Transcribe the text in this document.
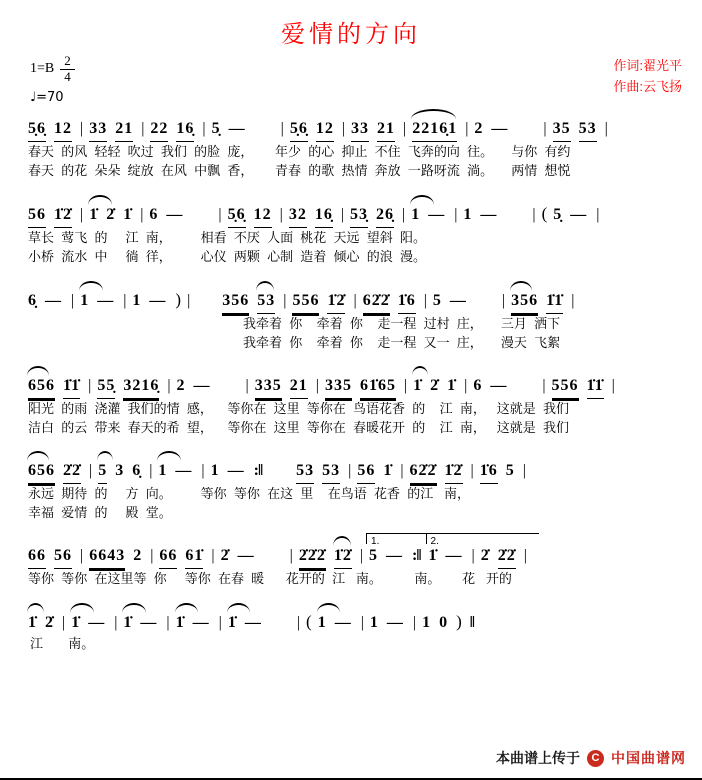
爱情的方向
$1=B \frac{2}{4}$
♩=70
作词:翟光平
作曲:云飞扬
5̣6̣ 12 | 33 21 | 22 16̣ | 5̣ — | 5̣6̣ 12 | 33 21 | 2216̣1 | 2 — | 35 53 |
春天  的风  轻轻  吹过  我们  的脸  庞，      年少  的心  抑止  不住  飞奔的向  往。     与你  有约
春天  的花  朵朵  绽放  在风  中飘  香，      青春  的歌  热情  奔放  一路呀流  淌。     两情  想悦
56 1̇2̇ | 1̇ 2̇ 1̇ | 6 — | 5̣6̣ 12 | 32 16̣ | 53̣ 26̣ | 1 — | 1 — | ( 5̣ — |
草长  莺飞  的     江  南，        相看  不厌  人面  桃花  天远  望斜  阳。
小桥  流水  中     徜  徉，        心仪  两颗  心制  造着  倾心  的浪  漫。
6̣ — | 1 — | 1 — ) | 356 53 | 556 1̇2̇ | 62̇2̇ 1̇6 | 5 — | 356 1̇1̇ |
我牵着  你    牵着  你    走一程  过村  庄，     三月  洒下
我牵着  你    牵着  你    走一程  又一  庄，     漫天  飞絮
656 1̇1̇ | 55̣ 3216̣ | 2 — | 335 21 | 335 61̇65 | 1̇ 2̇ 1̇ | 6 — | 556 1̇1̇ |
阳光  的雨  浇灌  我们的情  感，    等你在  这里  等你在  鸟语花香  的    江  南，   这就是  我们
洁白  的云  带来  春天的希  望，    等你在  这里  等你在  春暖花开  的    江  南，   这就是  我们
656 2̇2̇ | 5 3 6̣ | 1 — | 1 — :‖ 53 53 | 56 1̇ | 62̇2̇ 1̇2̇ | 1̇6 5 |
永远  期待  的     方  向。        等你  等你  在这  里    在鸟语  花香  的江   南，
幸福  爱情  的     殿  堂。
66 56 | 6643 2 | 66 61̇ | 2̇ — | 2̇2̇2̇ 1̇2̇ |
1.
5 — :‖
2.
1̇ — | 2̇ 2̇2̇ |
等你  等你  在这里等  你     等你  在春  暖      花开的  江   南。         南。      花   开的
1̇ 2̇ | 1̇ — | 1̇ — | 1̇ — | 1̇ — | ( 1 — | 1 — | 1 0 ) ‖
江       南。
本曲谱上传于	C 中国曲谱网
